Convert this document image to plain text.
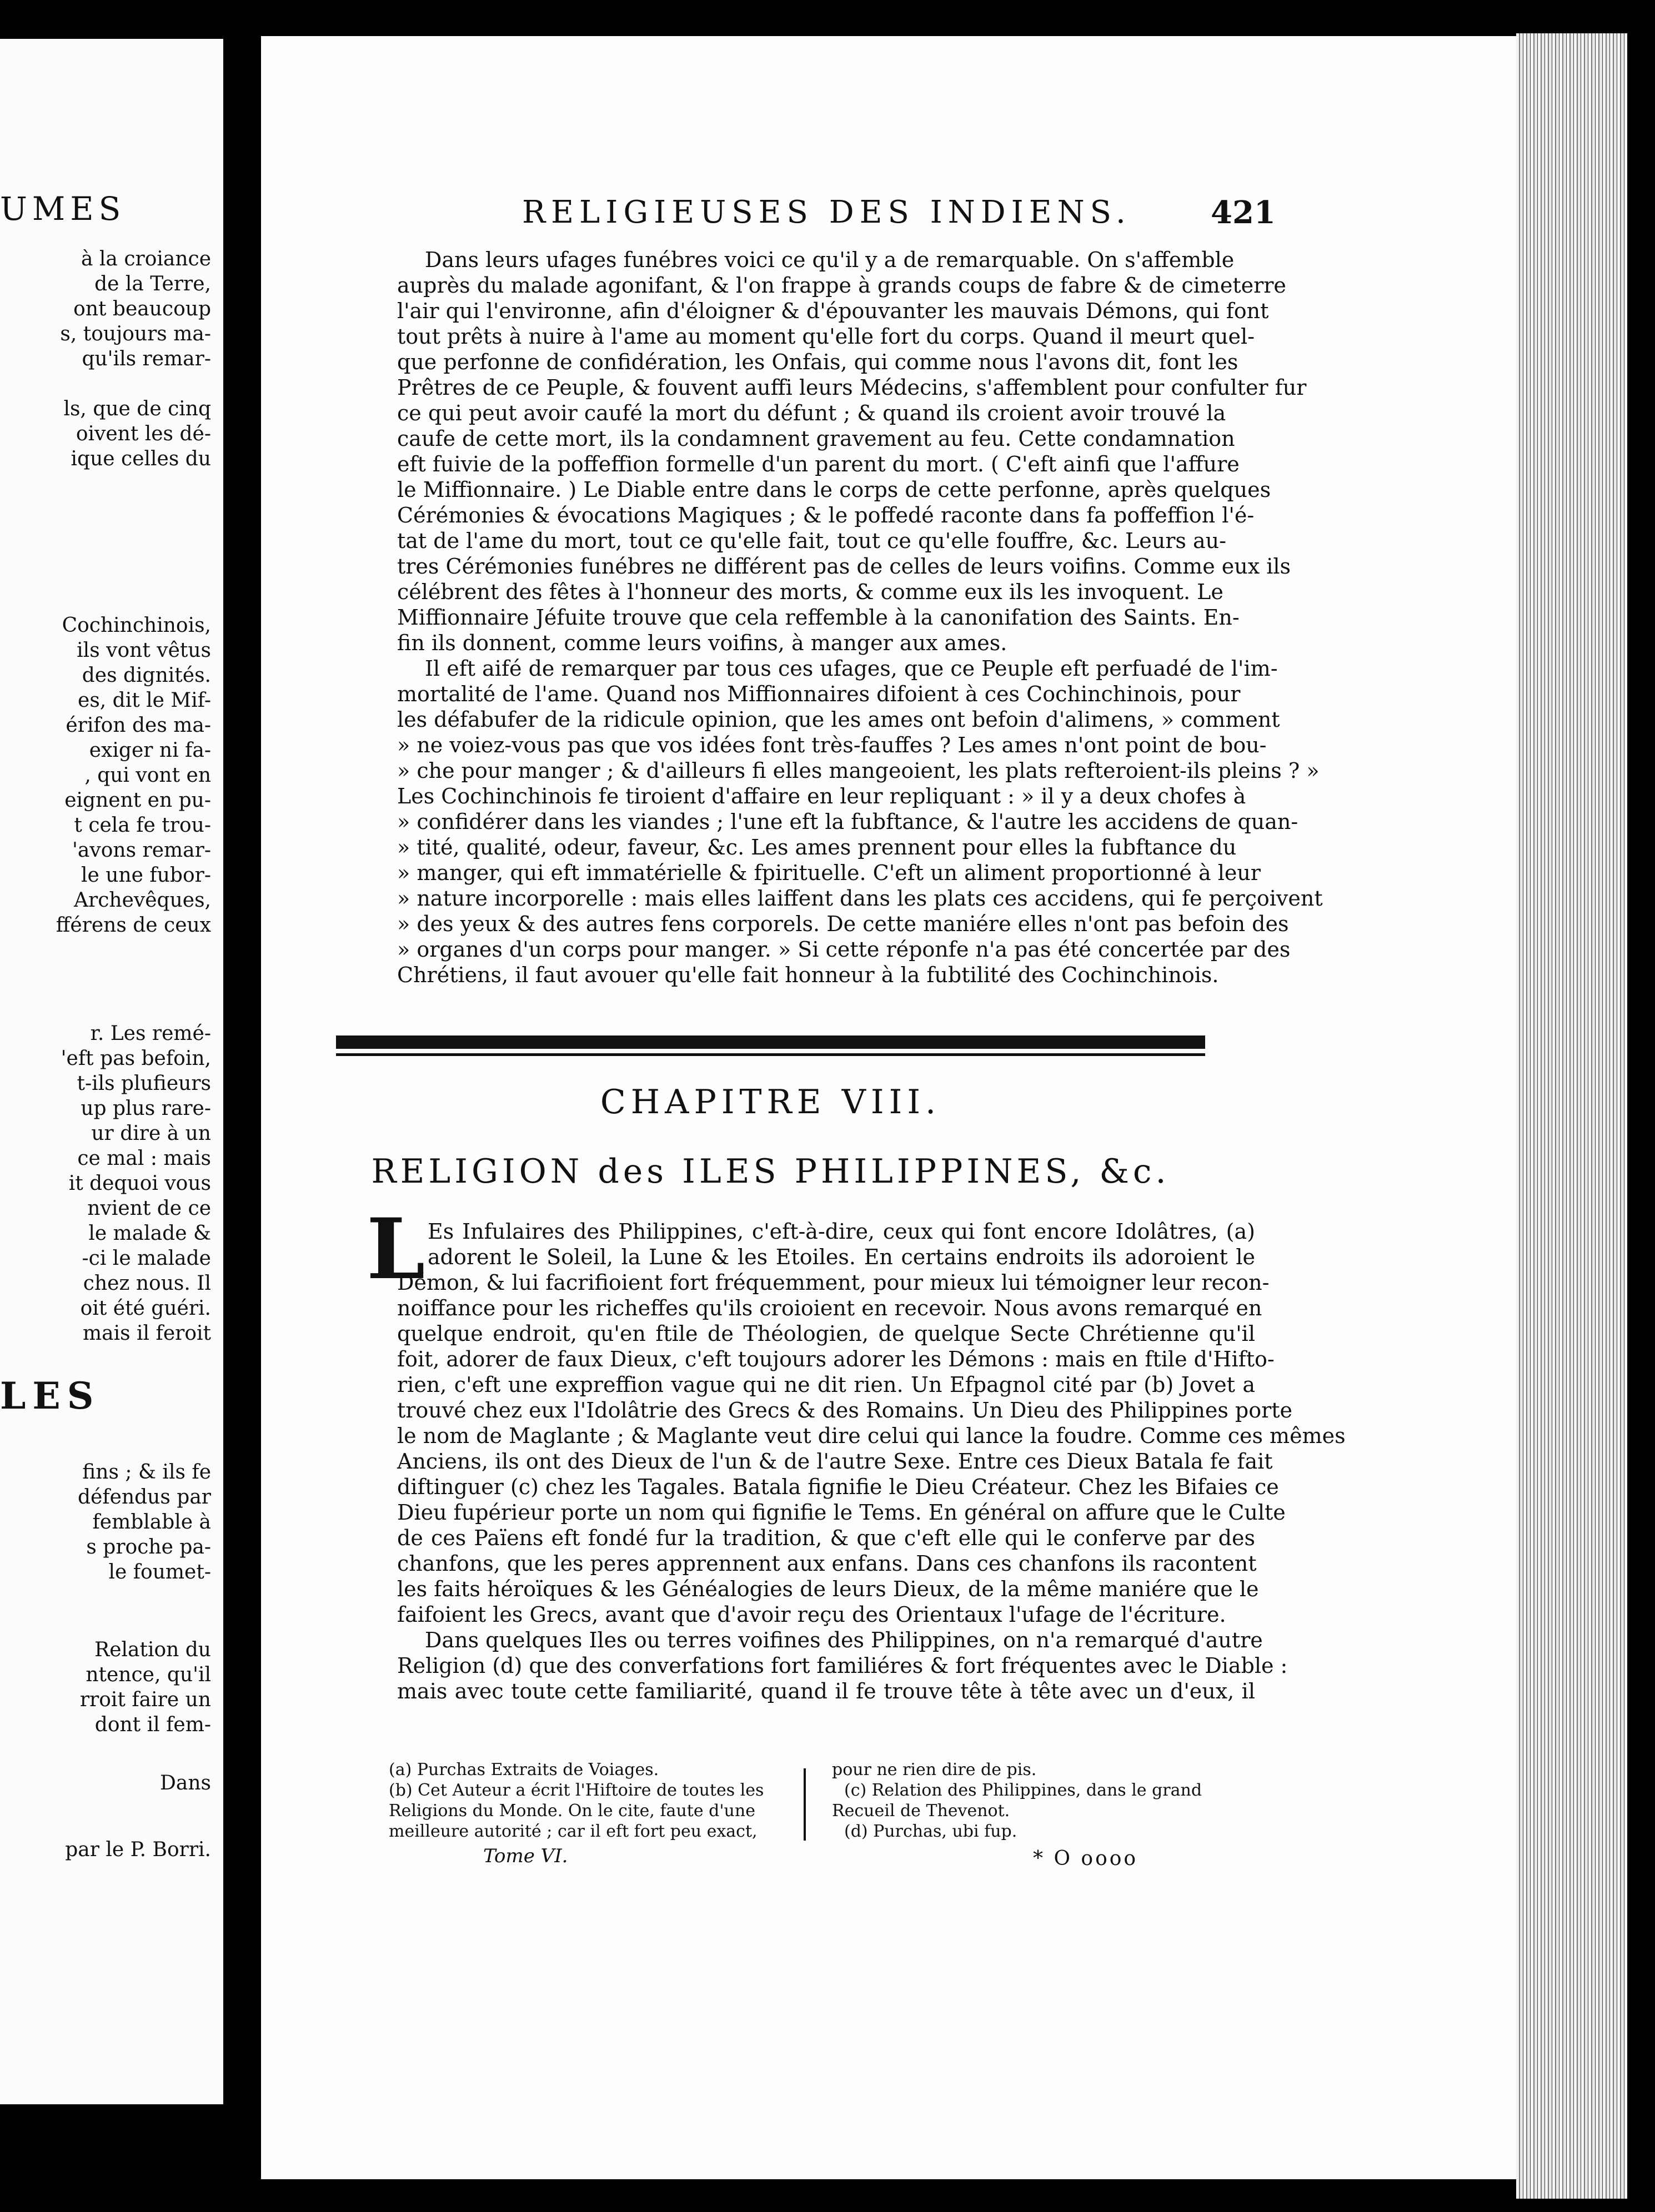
UMES
à la croiance
de la Terre,
ont beaucoup
s, toujours ma-
qu'ils remar-
ls, que de cinq
oivent les dé-
ique celles du
Cochinchinois,
ils vont vêtus
des dignités.
es, dit le Mif-
érifon des ma-
exiger ni fa-
, qui vont en
eignent en pu-
t cela fe trou-
'avons remar-
le une fubor-
Archevêques,
fférens de ceux
r. Les remé-
'eft pas befoin,
t-ils plufieurs
up plus rare-
ur dire à un
ce mal : mais
it dequoi vous
nvient de ce
le malade &
-ci le malade
chez nous. Il
oit été guéri.
mais il feroit
fins ; & ils fe
défendus par
femblable à
s proche pa-
le foumet-
Relation du
ntence, qu'il
rroit faire un
dont il fem-
Dans
par le P. Borri.
LES
RELIGIEUSES DES INDIENS.	421
Dans leurs ufages funébres voici ce qu'il y a de remarquable. On s'affemble
auprès du malade agonifant, & l'on frappe à grands coups de fabre & de cimeterre
l'air qui l'environne, afin d'éloigner & d'épouvanter les mauvais Démons, qui font
tout prêts à nuire à l'ame au moment qu'elle fort du corps. Quand il meurt quel-
que perfonne de confidération, les Onfais, qui comme nous l'avons dit, font les
Prêtres de ce Peuple, & fouvent auffi leurs Médecins, s'affemblent pour confulter fur
ce qui peut avoir caufé la mort du défunt ; & quand ils croient avoir trouvé la
caufe de cette mort, ils la condamnent gravement au feu. Cette condamnation
eft fuivie de la poffeffion formelle d'un parent du mort. ( C'eft ainfi que l'affure
le Miffionnaire. ) Le Diable entre dans le corps de cette perfonne, après quelques
Cérémonies & évocations Magiques ; & le poffedé raconte dans fa poffeffion l'é-
tat de l'ame du mort, tout ce qu'elle fait, tout ce qu'elle fouffre, &c. Leurs au-
tres Cérémonies funébres ne différent pas de celles de leurs voifins. Comme eux ils
célébrent des fêtes à l'honneur des morts, & comme eux ils les invoquent. Le
Miffionnaire Jéfuite trouve que cela reffemble à la canonifation des Saints. En-
fin ils donnent, comme leurs voifins, à manger aux ames.
Il eft aifé de remarquer par tous ces ufages, que ce Peuple eft perfuadé de l'im-
mortalité de l'ame. Quand nos Miffionnaires difoient à ces Cochinchinois, pour
les défabufer de la ridicule opinion, que les ames ont befoin d'alimens, » comment
» ne voiez-vous pas que vos idées font très-fauffes ? Les ames n'ont point de bou-
» che pour manger ; & d'ailleurs fi elles mangeoient, les plats refteroient-ils pleins ? »
Les Cochinchinois fe tiroient d'affaire en leur repliquant : » il y a deux chofes à
» confidérer dans les viandes ; l'une eft la fubftance, & l'autre les accidens de quan-
» tité, qualité, odeur, faveur, &c. Les ames prennent pour elles la fubftance du
» manger, qui eft immatérielle & fpirituelle. C'eft un aliment proportionné à leur
» nature incorporelle : mais elles laiffent dans les plats ces accidens, qui fe perçoivent
» des yeux & des autres fens corporels. De cette maniére elles n'ont pas befoin des
» organes d'un corps pour manger. » Si cette réponfe n'a pas été concertée par des
Chrétiens, il faut avouer qu'elle fait honneur à la fubtilité des Cochinchinois.
CHAPITRE VIII.
RELIGION des ILES PHILIPPINES, &c.
L Es Infulaires des Philippines, c'eft-à-dire, ceux qui font encore Idolâtres, (a)
adorent le Soleil, la Lune & les Etoiles. En certains endroits ils adoroient le
Démon, & lui facrifioient fort fréquemment, pour mieux lui témoigner leur recon-
noiffance pour les richeffes qu'ils croioient en recevoir. Nous avons remarqué en
quelque endroit, qu'en ftile de Théologien, de quelque Secte Chrétienne qu'il
foit, adorer de faux Dieux, c'eft toujours adorer les Démons : mais en ftile d'Hifto-
rien, c'eft une expreffion vague qui ne dit rien. Un Efpagnol cité par (b) Jovet a
trouvé chez eux l'Idolâtrie des Grecs & des Romains. Un Dieu des Philippines porte
le nom de Maglante ; & Maglante veut dire celui qui lance la foudre. Comme ces mêmes
Anciens, ils ont des Dieux de l'un & de l'autre Sexe. Entre ces Dieux Batala fe fait
diftinguer (c) chez les Tagales. Batala fignifie le Dieu Créateur. Chez les Bifaies ce
Dieu fupérieur porte un nom qui fignifie le Tems. En général on affure que le Culte
de ces Païens eft fondé fur la tradition, & que c'eft elle qui le conferve par des
chanfons, que les peres apprennent aux enfans. Dans ces chanfons ils racontent
les faits héroïques & les Généalogies de leurs Dieux, de la même maniére que le
faifoient les Grecs, avant que d'avoir reçu des Orientaux l'ufage de l'écriture.
Dans quelques Iles ou terres voifines des Philippines, on n'a remarqué d'autre
Religion (d) que des converfations fort familiéres & fort fréquentes avec le Diable :
mais avec toute cette familiarité, quand il fe trouve tête à tête avec un d'eux, il
(a) Purchas Extraits de Voiages.
(b) Cet Auteur a écrit l'Hiftoire de toutes les
Religions du Monde. On le cite, faute d'une
meilleure autorité ; car il eft fort peu exact,
pour ne rien dire de pis.
(c) Relation des Philippines, dans le grand
Recueil de Thevenot.
(d) Purchas, ubi fup.
Tome VI.	* O oooo
